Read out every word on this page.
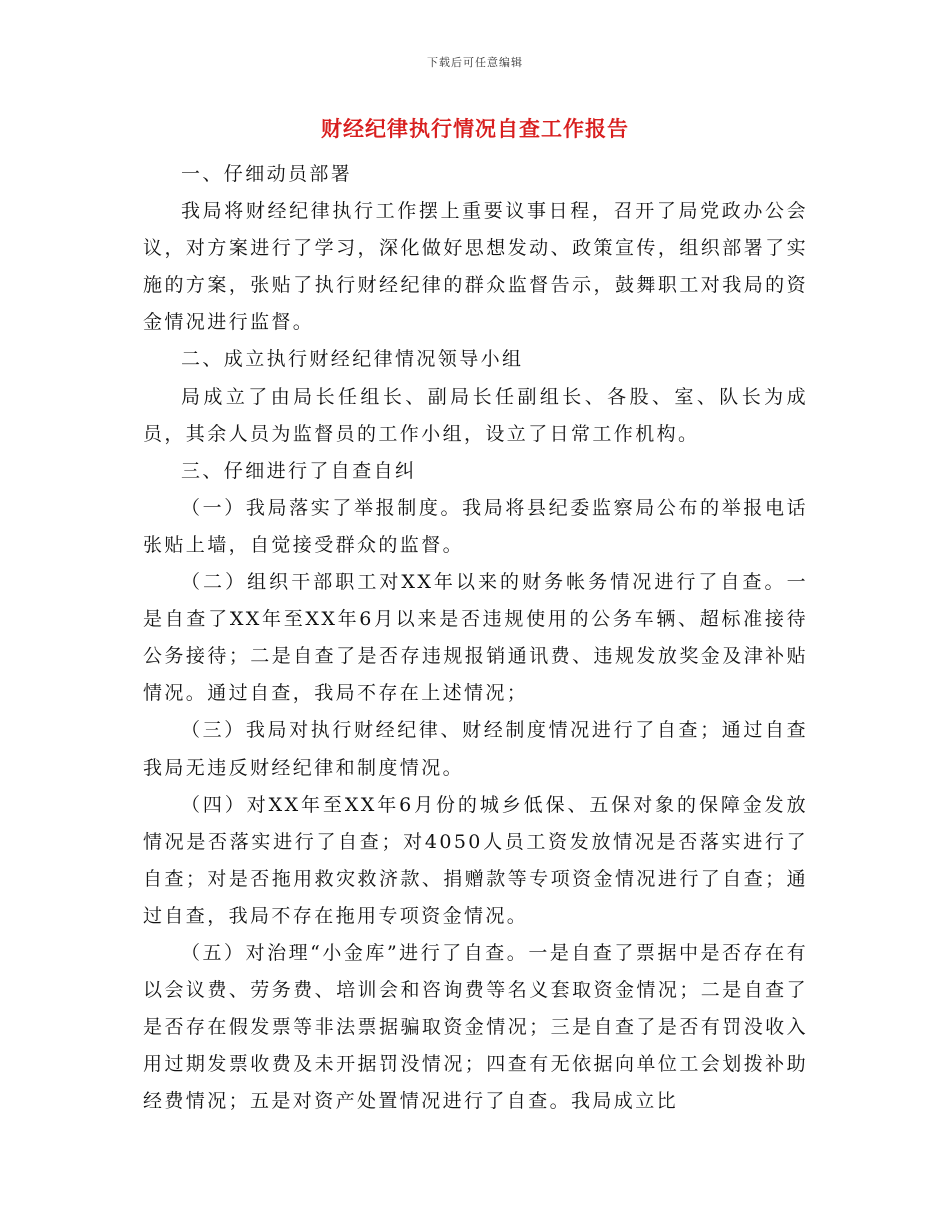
下载后可任意编辑
财经纪律执行情况自查工作报告

一、仔细动员部署

我局将财经纪律执行工作摆上重要议事日程，召开了局党政办公会议，对方案进行了学习，深化做好思想发动、政策宣传，组织部署了实施的方案，张贴了执行财经纪律的群众监督告示，鼓舞职工对我局的资金情况进行监督。

二、成立执行财经纪律情况领导小组

局成立了由局长任组长、副局长任副组长、各股、室、队长为成员，其余人员为监督员的工作小组，设立了日常工作机构。

三、仔细进行了自查自纠

（一）我局落实了举报制度。我局将县纪委监察局公布的举报电话张贴上墙，自觉接受群众的监督。

（二）组织干部职工对XX年以来的财务帐务情况进行了自查。一是自查了XX年至XX年6月以来是否违规使用的公务车辆、超标准接待公务接待；二是自查了是否存违规报销通讯费、违规发放奖金及津补贴情况。通过自查，我局不存在上述情况；

（三）我局对执行财经纪律、财经制度情况进行了自查；通过自查我局无违反财经纪律和制度情况。

（四）对XX年至XX年6月份的城乡低保、五保对象的保障金发放情况是否落实进行了自查；对4050人员工资发放情况是否落实进行了自查；对是否拖用救灾救济款、捐赠款等专项资金情况进行了自查；通过自查，我局不存在拖用专项资金情况。

（五）对治理“小金库”进行了自查。一是自查了票据中是否存在有以会议费、劳务费、培训会和咨询费等名义套取资金情况；二是自查了是否存在假发票等非法票据骗取资金情况；三是自查了是否有罚没收入用过期发票收费及未开据罚没情况；四查有无依据向单位工会划拨补助经费情况；五是对资产处置情况进行了自查。我局成立比
